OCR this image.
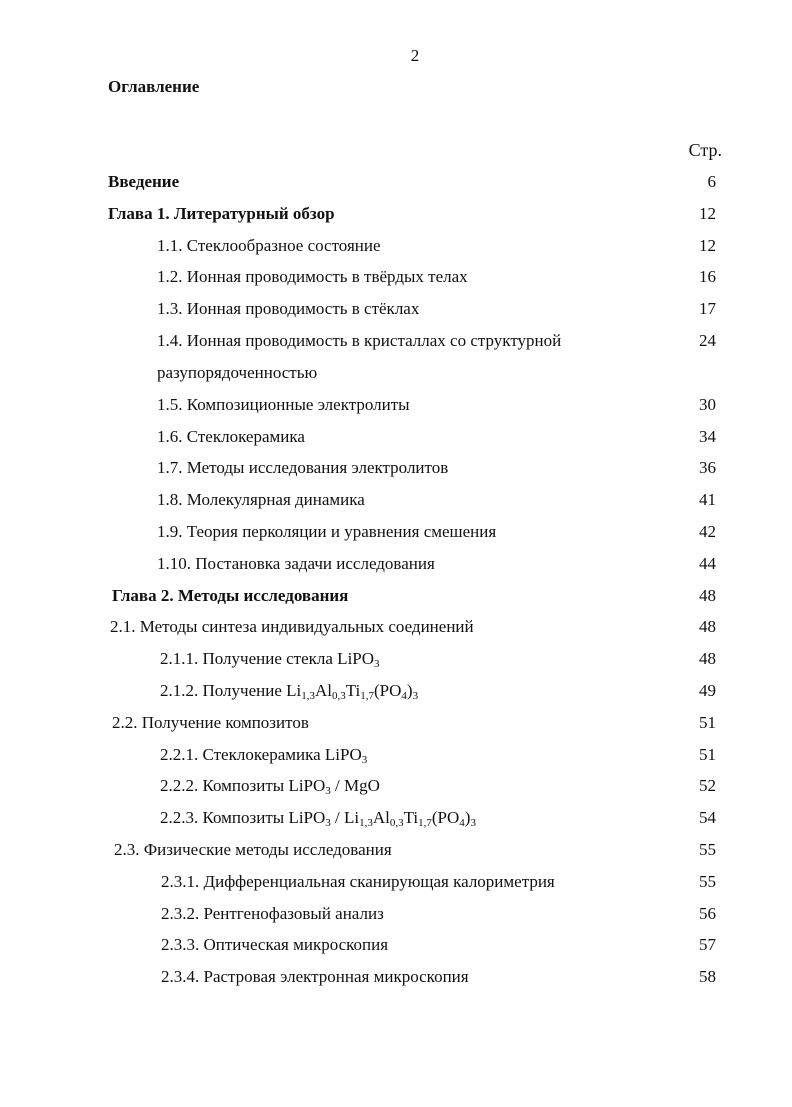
2
Оглавление
Стр.
Введение	6
Глава 1. Литературный обзор	12
1.1. Стеклообразное состояние	12
1.2. Ионная проводимость в твёрдых телах	16
1.3. Ионная проводимость в стёклах	17
1.4. Ионная проводимость в кристаллах со структурной	24
разупорядоченностью
1.5. Композиционные электролиты	30
1.6. Стеклокерамика	34
1.7. Методы исследования электролитов	36
1.8. Молекулярная динамика	41
1.9. Теория перколяции и уравнения смешения	42
1.10. Постановка задачи исследования	44
Глава 2. Методы исследования	48
2.1. Методы синтеза индивидуальных соединений	48
2.1.1. Получение стекла LiPO$_3$	48
2.1.2. Получение $Li_{1,3}Al_{0,3}Ti_{1,7}(PO_4)_3$	49
2.2. Получение композитов	51
2.2.1. Стеклокерамика LiPO$_3$	51
2.2.2. Композиты LiPO$_3$ / MgO	52
2.2.3. Композиты LiPO$_3$ / $Li_{1,3}Al_{0,3}Ti_{1,7}(PO_4)_3$	54
2.3. Физические методы исследования	55
2.3.1. Дифференциальная сканирующая калориметрия	55
2.3.2. Рентгенофазовый анализ	56
2.3.3. Оптическая микроскопия	57
2.3.4. Растровая электронная микроскопия	58
